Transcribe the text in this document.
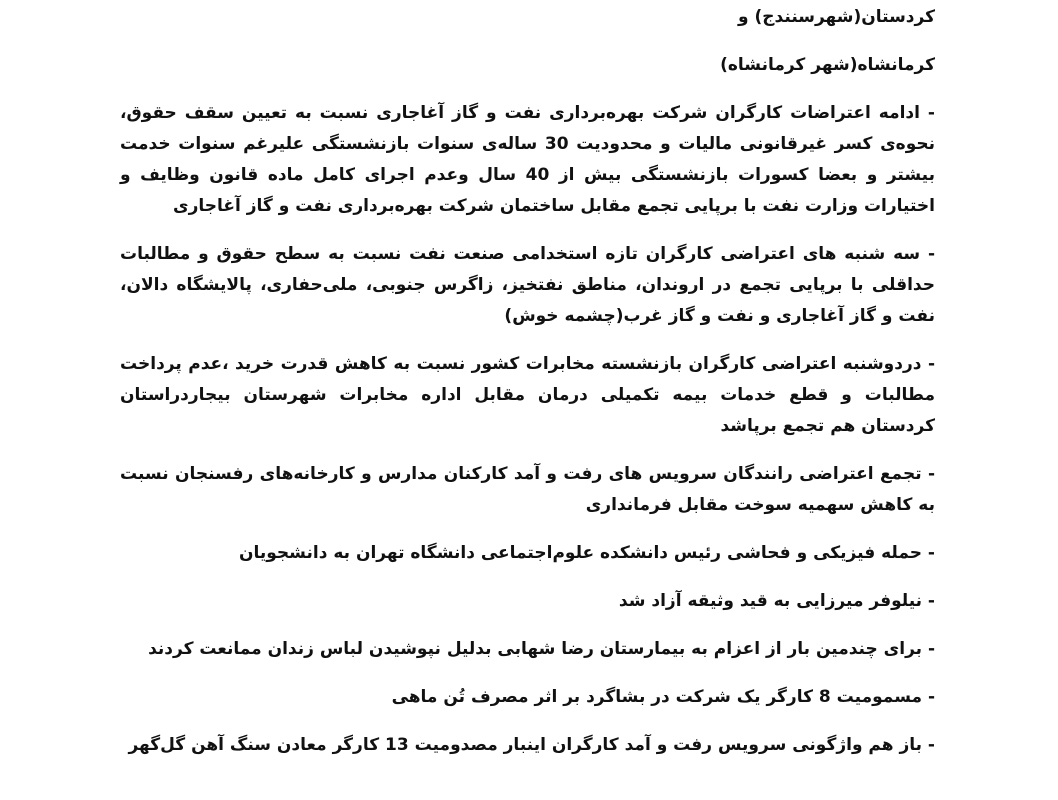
کردستان(شهرسنندج) و
کرمانشاه(شهر کرمانشاه)
- ادامه اعتراضات کارگران شرکت بهره‌برداری نفت و گاز آغاجاری نسبت به تعیین سقف حقوق، نحوه‌ی کسر غیرقانونی مالیات و محدودیت 30 ساله‌ی سنوات بازنشستگی علیرغم سنوات خدمت بیشتر و بعضا کسورات بازنشستگی بیش از 40 سال وعدم اجرای کامل ماده قانون وظایف و اختیارات وزارت نفت با برپایی تجمع مقابل ساختمان شرکت بهره‌برداری نفت و گاز آغاجاری
- سه شنبه های اعتراضی کارگران تازه استخدامی صنعت نفت نسبت به سطح حقوق و مطالبات حداقلی با برپایی تجمع در اروندان، مناطق نفتخیز، زاگرس جنوبی، ملی‌حفاری، پالایشگاه دالان، نفت و گاز آغاجاری و نفت و گاز غرب(چشمه خوش)
- دردوشنبه اعتراضی کارگران بازنشسته مخابرات کشور نسبت به کاهش قدرت خرید ،عدم پرداخت مطالبات و قطع خدمات بیمه تکمیلی درمان مقابل اداره مخابرات شهرستان بیجاردراستان کردستان هم تجمع برپاشد
- تجمع اعتراضی رانندگان سرویس های رفت و آمد کارکنان مدارس و کارخانه‌های رفسنجان نسبت به کاهش سهمیه سوخت مقابل فرمانداری
- حمله فیزیکی و فحاشی رئیس دانشکده علوم‌اجتماعی دانشگاه تهران به دانشجویان
- نیلوفر میرزایی به قید وثیقه آزاد شد
- برای چندمین بار از اعزام به بیمارستان رضا شهابی بدلیل نپوشیدن لباس زندان ممانعت کردند
- مسمومیت 8 کارگر یک شرکت در بشاگرد بر اثر مصرف تُن ماهی
- باز هم واژگونی سرویس رفت و آمد کارگران اینبار مصدومیت 13 کارگر معادن سنگ آهن گل‌گهر
